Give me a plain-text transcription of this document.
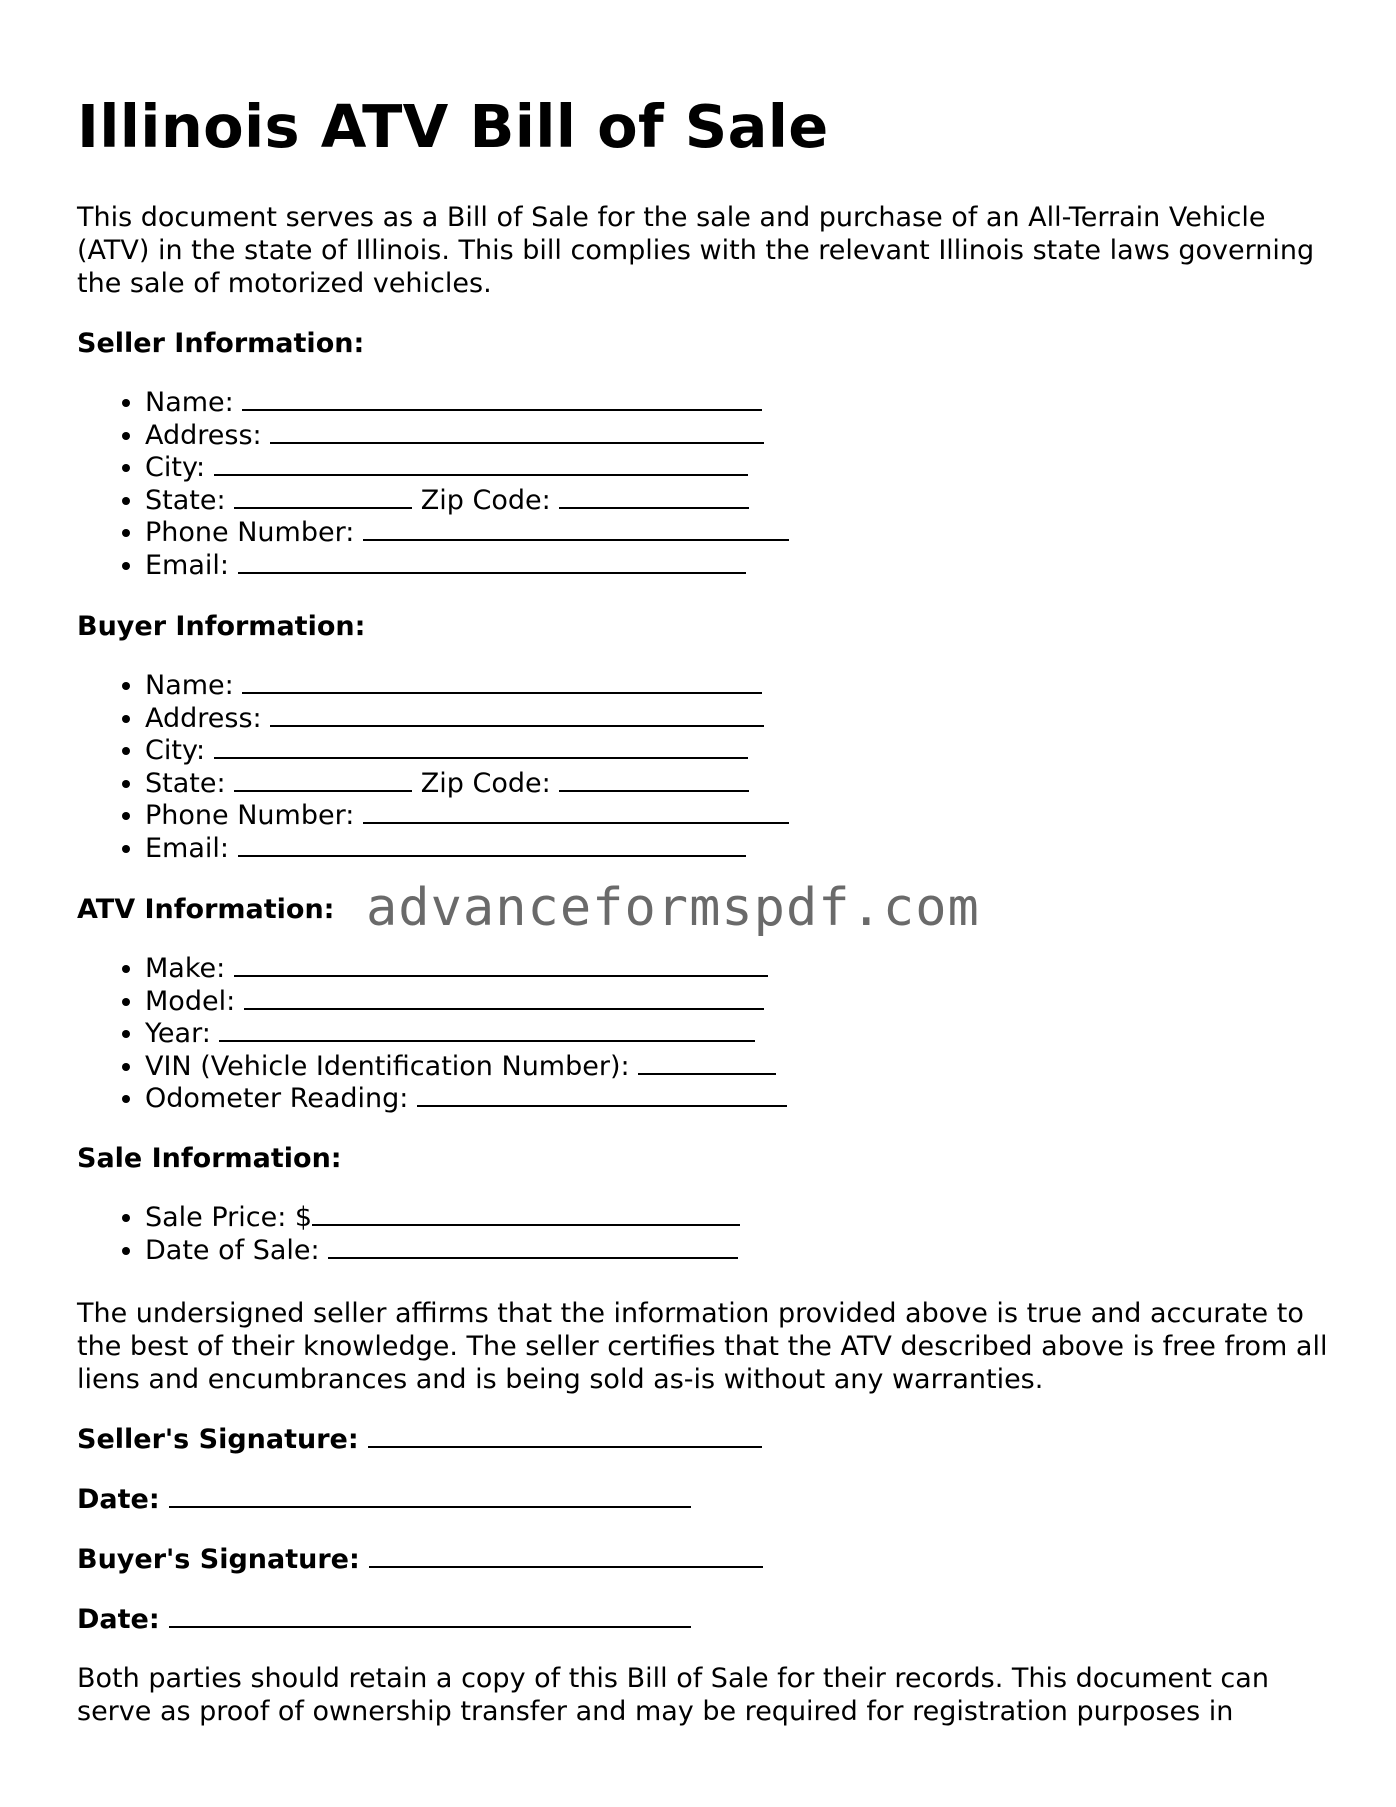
Illinois ATV Bill of Sale

This document serves as a Bill of Sale for the sale and purchase of an All-Terrain Vehicle (ATV) in the state of Illinois. This bill complies with the relevant Illinois state laws governing the sale of motorized vehicles.

Seller Information:

• Name:
• Address:
• City:
• State:	Zip Code:
• Phone Number:
• Email:

Buyer Information:

• Name:
• Address:
• City:
• State:	Zip Code:
• Phone Number:
• Email:

ATV Information: advanceformspdf.com
• Make:
• Model:
• Year:
• VIN (Vehicle Identification Number):
• Odometer Reading:

Sale Information:

• Sale Price: $
• Date of Sale:

The undersigned seller affirms that the information provided above is true and accurate to the best of their knowledge. The seller certifies that the ATV described above is free from all liens and encumbrances and is being sold as-is without any warranties.

Seller's Signature:

Date:

Buyer's Signature:

Date:

Both parties should retain a copy of this Bill of Sale for their records. This document can serve as proof of ownership transfer and may be required for registration purposes in
